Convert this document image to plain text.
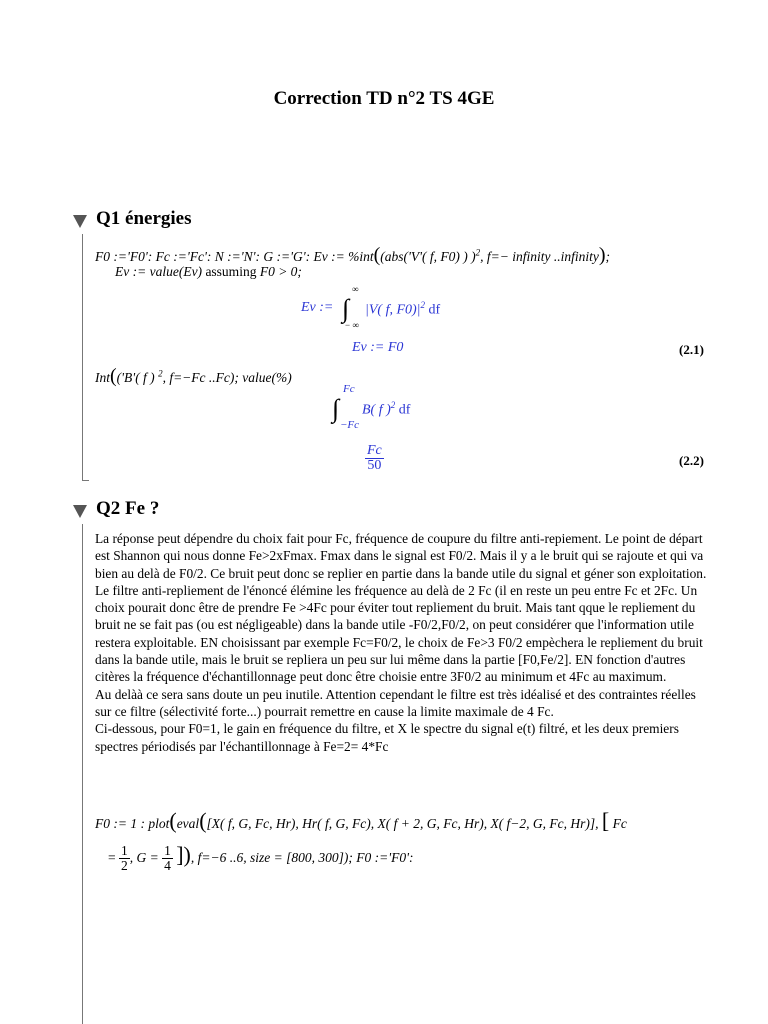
Correction TD n°2 TS 4GE
Q1 énergies
F0 :='F0': Fc :='Fc': N :='N': G :='G': Ev := %int((abs('V'( f, F0) ) )$^2$, f=− infinity ..infinity);
Ev := value(Ev) assuming F0 > 0;
Ev := ∫
∞
− ∞
|V( f, $F0)|^2$ df
Ev := F0	(2.1)
Int(('B'( f ) $^2$, f=−Fc ..Fc); value(%)
∫
Fc
−Fc
B( f )$^2$ df
$\frac{Fc}{50}$	(2.2)
Q2 Fe ?
La réponse peut dépendre du choix fait pour Fc, fréquence de coupure du filtre anti-repiement. Le point de départ est Shannon qui nous donne Fe>2xFmax. Fmax dans le signal est F0/2. Mais il y a le bruit qui se rajoute et qui va bien au delà de F0/2. Ce bruit peut donc se replier en partie dans la bande utile du signal et géner son exploitation. Le filtre anti-repliement de l'énoncé élémine les fréquence au delà de 2 Fc (il en reste un peu entre Fc et 2Fc. Un choix pourait donc être de prendre Fe >4Fc pour éviter tout repliement du bruit. Mais tant qque le repliement du bruit ne se fait pas (ou est négligeable) dans la bande utile -F0/2,F0/2, on peut considérer que l'information utile restera exploitable. EN choisissant par exemple Fc=F0/2, le choix de Fe>3 F0/2 empèchera le repliement du bruit dans la bande utile, mais le bruit se repliera un peu sur lui même dans la partie [F0,Fe/2]. EN fonction d'autres citères la fréquence d'échantillonnage peut donc être choisie entre 3F0/2 au minimum et 4Fc au maximum.
Au delàà ce sera sans doute un peu inutile. Attention cependant le filtre est très idéalisé et des contraintes réelles sur ce filtre (sélectivité forte...) pourrait remettre en cause la limite maximale de 4 Fc.
Ci-dessous, pour F0=1, le gain en fréquence du filtre, et X le spectre du signal e(t) filtré, et les deux premiers spectres périodisés par l'échantillonnage à Fe=2= 4*Fc
F0 := 1 : plot(eval([X( f, G, Fc, Hr), Hr( f, G, Fc), X( f + 2, G, Fc, Hr), X( f−2, G, Fc, Hr)], [ Fc
= $\frac{1}{2}$ , $G = \frac{1}{4}$ ]), f=−6 ..6, size = [800, 300]); F0 :='F0':
